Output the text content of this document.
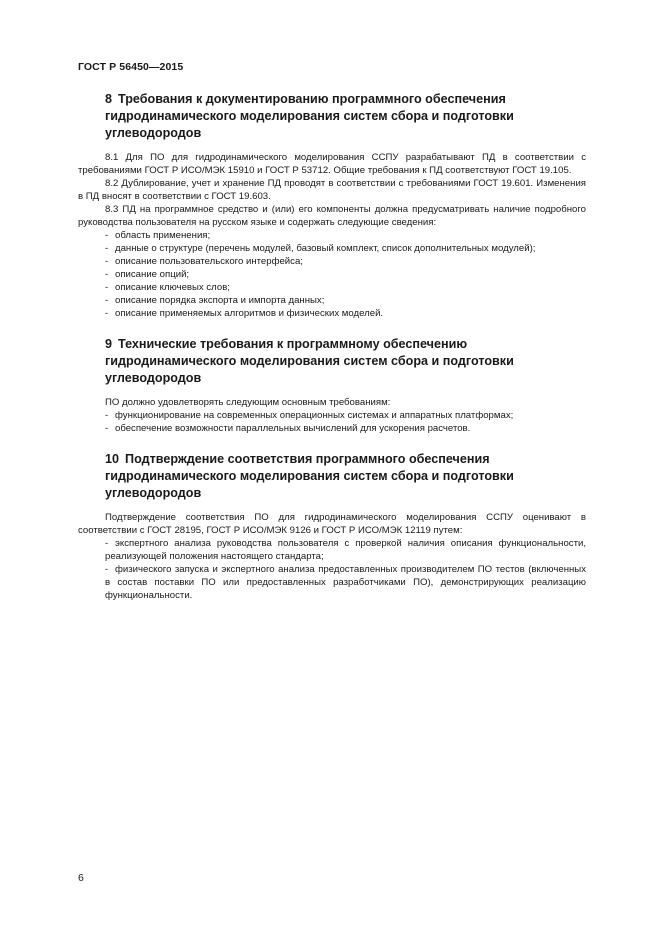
ГОСТ Р 56450—2015
8 Требования к документированию программного обеспечения гидродинамического моделирования систем сбора и подготовки углеводородов

8.1 Для ПО для гидродинамического моделирования ССПУ разрабатывают ПД в соответствии с требованиями ГОСТ Р ИСО/МЭК 15910 и ГОСТ Р 53712. Общие требования к ПД соответствуют ГОСТ 19.105.

8.2 Дублирование, учет и хранение ПД проводят в соответствии с требованиями ГОСТ 19.601. Изменения в ПД вносят в соответствии с ГОСТ 19.603.

8.3 ПД на программное средство и (или) его компоненты должна предусматривать наличие подробного руководства пользователя на русском языке и содержать следующие сведения:

- область применения;
- данные о структуре (перечень модулей, базовый комплект, список дополнительных модулей);
- описание пользовательского интерфейса;
- описание опций;
- описание ключевых слов;
- описание порядка экспорта и импорта данных;
- описание применяемых алгоритмов и физических моделей.
9 Технические требования к программному обеспечению гидродинамического моделирования систем сбора и подготовки углеводородов

ПО должно удовлетворять следующим основным требованиям:

- функционирование на современных операционных системах и аппаратных платформах;
- обеспечение возможности параллельных вычислений для ускорения расчетов.
10 Подтверждение соответствия программного обеспечения гидродинамического моделирования систем сбора и подготовки углеводородов

Подтверждение соответствия ПО для гидродинамического моделирования ССПУ оценивают в соответствии с ГОСТ 28195, ГОСТ Р ИСО/МЭК 9126 и ГОСТ Р ИСО/МЭК 12119 путем:

- экспертного анализа руководства пользователя с проверкой наличия описания функциональности, реализующей положения настоящего стандарта;
- физического запуска и экспертного анализа предоставленных производителем ПО тестов (включенных в состав поставки ПО или предоставленных разработчиками ПО), демонстрирующих реализацию функциональности.
6
